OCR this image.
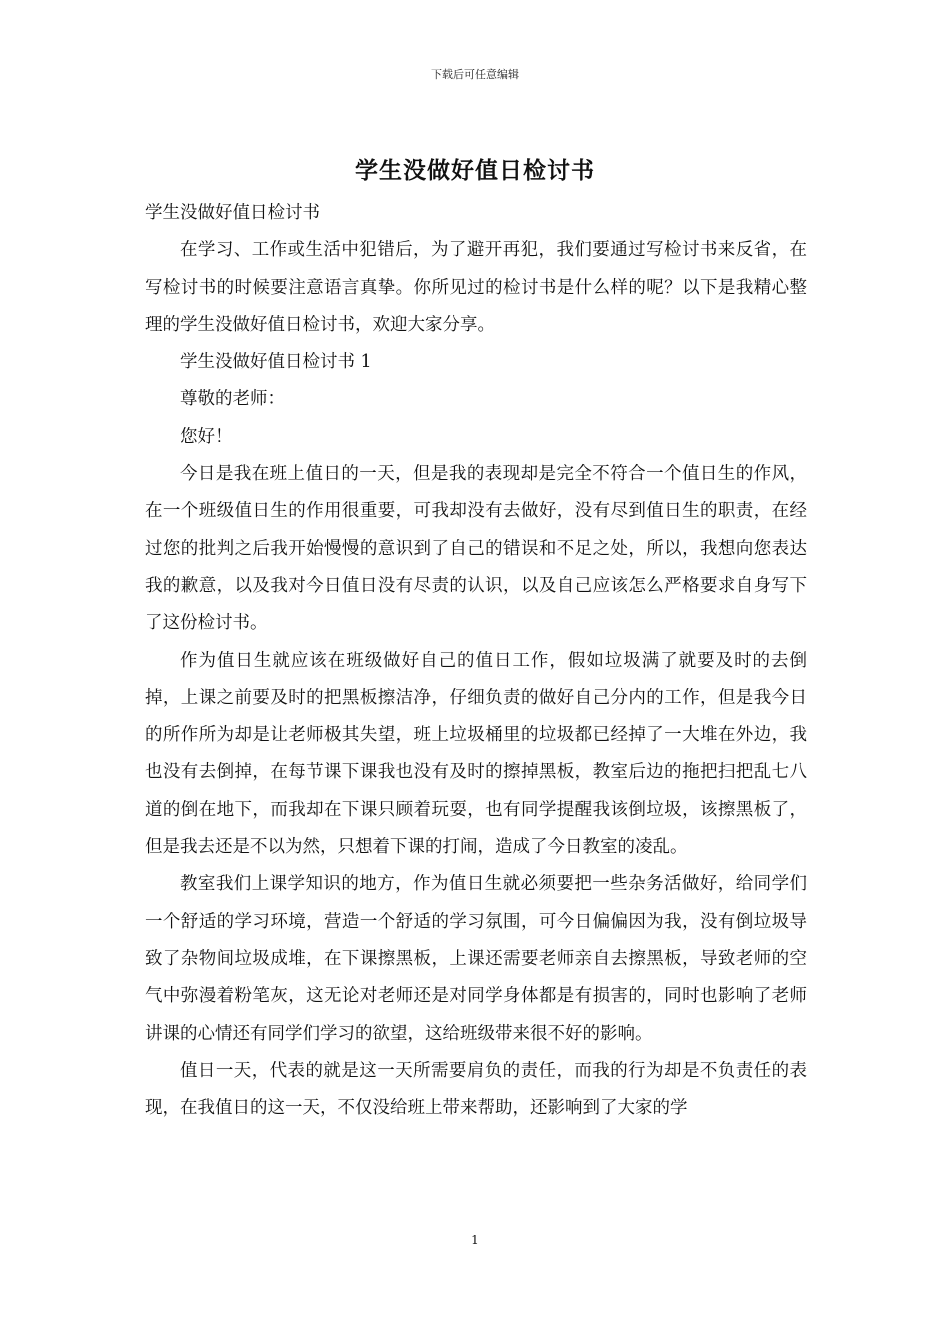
下载后可任意编辑
学生没做好值日检讨书

学生没做好值日检讨书

在学习、工作或生活中犯错后，为了避开再犯，我们要通过写检讨书来反省，在写检讨书的时候要注意语言真挚。你所见过的检讨书是什么样的呢？以下是我精心整理的学生没做好值日检讨书，欢迎大家分享。

学生没做好值日检讨书 1

尊敬的老师：

您好！

今日是我在班上值日的一天，但是我的表现却是完全不符合一个值日生的作风，在一个班级值日生的作用很重要，可我却没有去做好，没有尽到值日生的职责，在经过您的批判之后我开始慢慢的意识到了自己的错误和不足之处，所以，我想向您表达我的歉意，以及我对今日值日没有尽责的认识，以及自己应该怎么严格要求自身写下了这份检讨书。

作为值日生就应该在班级做好自己的值日工作，假如垃圾满了就要及时的去倒掉，上课之前要及时的把黑板擦洁净，仔细负责的做好自己分内的工作，但是我今日的所作所为却是让老师极其失望，班上垃圾桶里的垃圾都已经掉了一大堆在外边，我也没有去倒掉，在每节课下课我也没有及时的擦掉黑板，教室后边的拖把扫把乱七八道的倒在地下，而我却在下课只顾着玩耍，也有同学提醒我该倒垃圾，该擦黑板了，但是我去还是不以为然，只想着下课的打闹，造成了今日教室的凌乱。

教室我们上课学知识的地方，作为值日生就必须要把一些杂务活做好，给同学们一个舒适的学习环境，营造一个舒适的学习氛围，可今日偏偏因为我，没有倒垃圾导致了杂物间垃圾成堆，在下课擦黑板，上课还需要老师亲自去擦黑板，导致老师的空气中弥漫着粉笔灰，这无论对老师还是对同学身体都是有损害的，同时也影响了老师讲课的心情还有同学们学习的欲望，这给班级带来很不好的影响。

值日一天，代表的就是这一天所需要肩负的责任，而我的行为却是不负责任的表现，在我值日的这一天，不仅没给班上带来帮助，还影响到了大家的学

1
